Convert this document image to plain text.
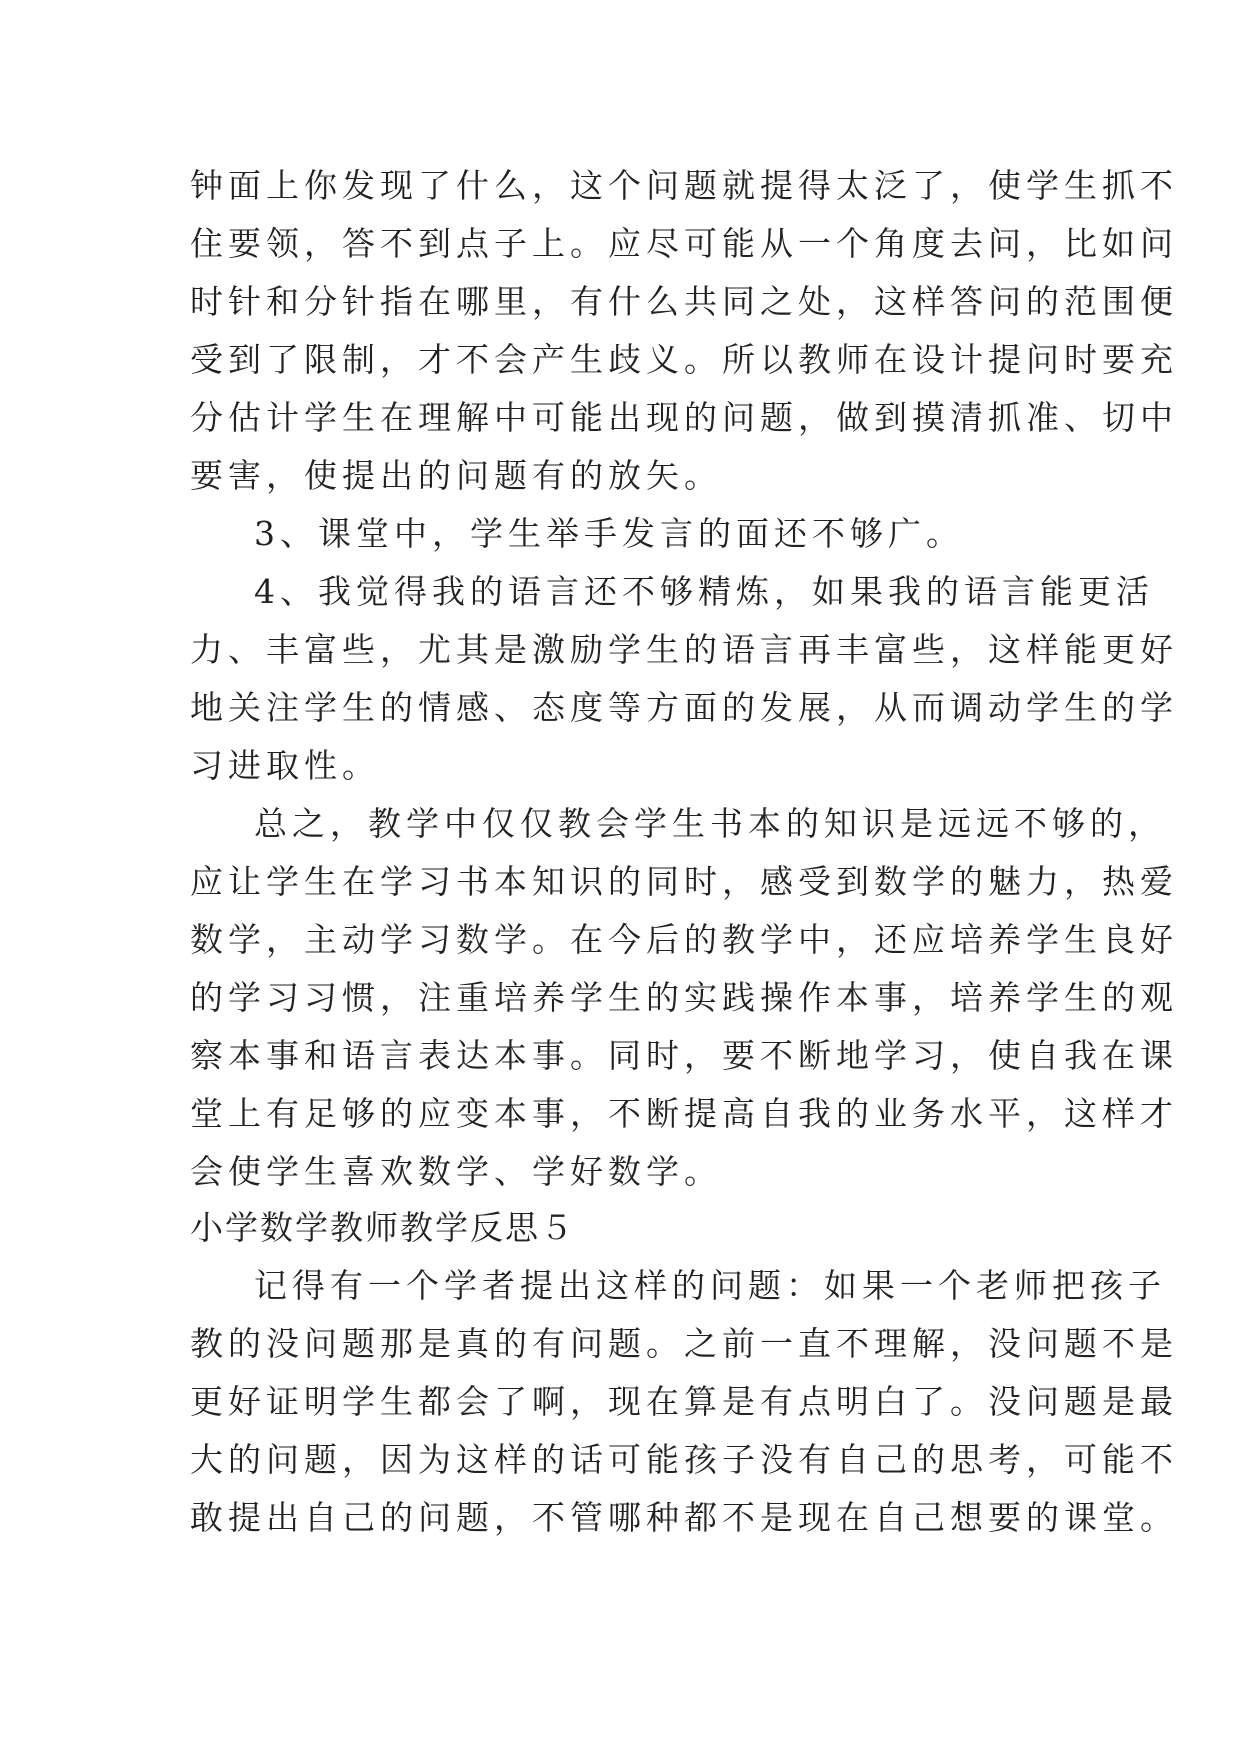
钟面上你发现了什么，这个问题就提得太泛了，使学生抓不
住要领，答不到点子上。应尽可能从一个角度去问，比如问
时针和分针指在哪里，有什么共同之处，这样答问的范围便
受到了限制，才不会产生歧义。所以教师在设计提问时要充
分估计学生在理解中可能出现的问题，做到摸清抓准、切中
要害，使提出的问题有的放矢。
3、课堂中，学生举手发言的面还不够广。
4、我觉得我的语言还不够精炼，如果我的语言能更活
力、丰富些，尤其是激励学生的语言再丰富些，这样能更好
地关注学生的情感、态度等方面的发展，从而调动学生的学
习进取性。
总之，教学中仅仅教会学生书本的知识是远远不够的，
应让学生在学习书本知识的同时，感受到数学的魅力，热爱
数学，主动学习数学。在今后的教学中，还应培养学生良好
的学习习惯，注重培养学生的实践操作本事，培养学生的观
察本事和语言表达本事。同时，要不断地学习，使自我在课
堂上有足够的应变本事，不断提高自我的业务水平，这样才
会使学生喜欢数学、学好数学。
小学数学教师教学反思５
记得有一个学者提出这样的问题：如果一个老师把孩子
教的没问题那是真的有问题。之前一直不理解，没问题不是
更好证明学生都会了啊，现在算是有点明白了。没问题是最
大的问题，因为这样的话可能孩子没有自己的思考，可能不
敢提出自己的问题，不管哪种都不是现在自己想要的课堂。
